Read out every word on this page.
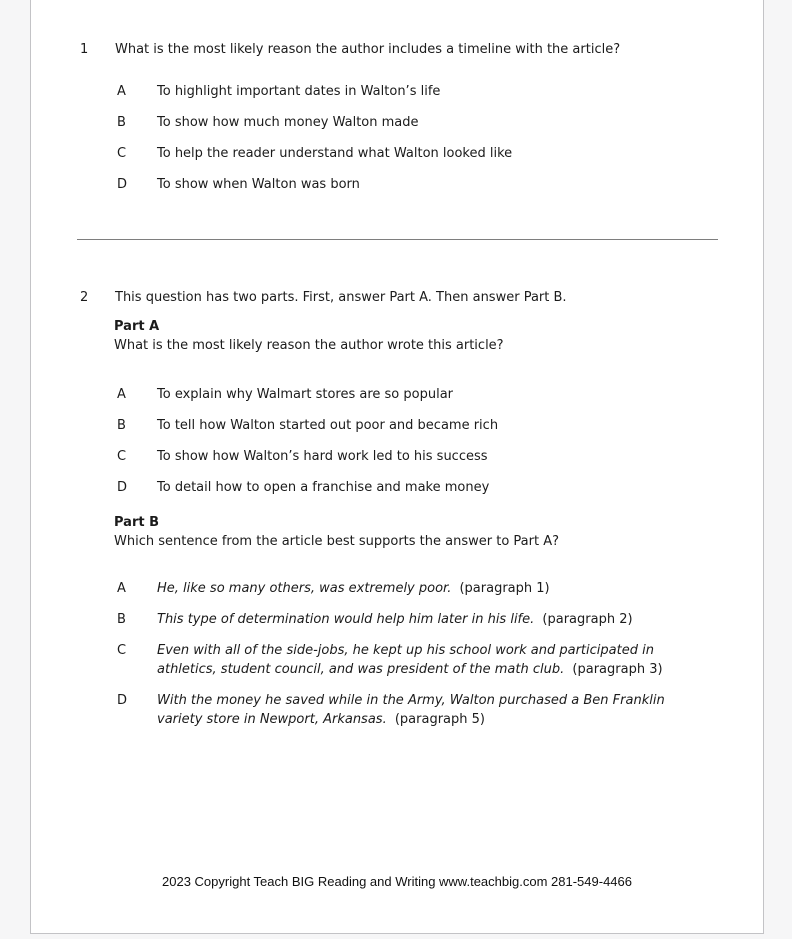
1	What is the most likely reason the author includes a timeline with the article?
A	To highlight important dates in Walton’s life
B	To show how much money Walton made
C	To help the reader understand what Walton looked like
D	To show when Walton was born
2	This question has two parts. First, answer Part A. Then answer Part B.
Part A
What is the most likely reason the author wrote this article?
A	To explain why Walmart stores are so popular
B	To tell how Walton started out poor and became rich
C	To show how Walton’s hard work led to his success
D	To detail how to open a franchise and make money
Part B
Which sentence from the article best supports the answer to Part A?
A	He, like so many others, was extremely poor. (paragraph 1)
B	This type of determination would help him later in his life. (paragraph 2)
C	Even with all of the side-jobs, he kept up his school work and participated in athletics, student council, and was president of the math club. (paragraph 3)
D	With the money he saved while in the Army, Walton purchased a Ben Franklin variety store in Newport, Arkansas. (paragraph 5)
2023 Copyright Teach BIG Reading and Writing www.teachbig.com 281-549-4466
